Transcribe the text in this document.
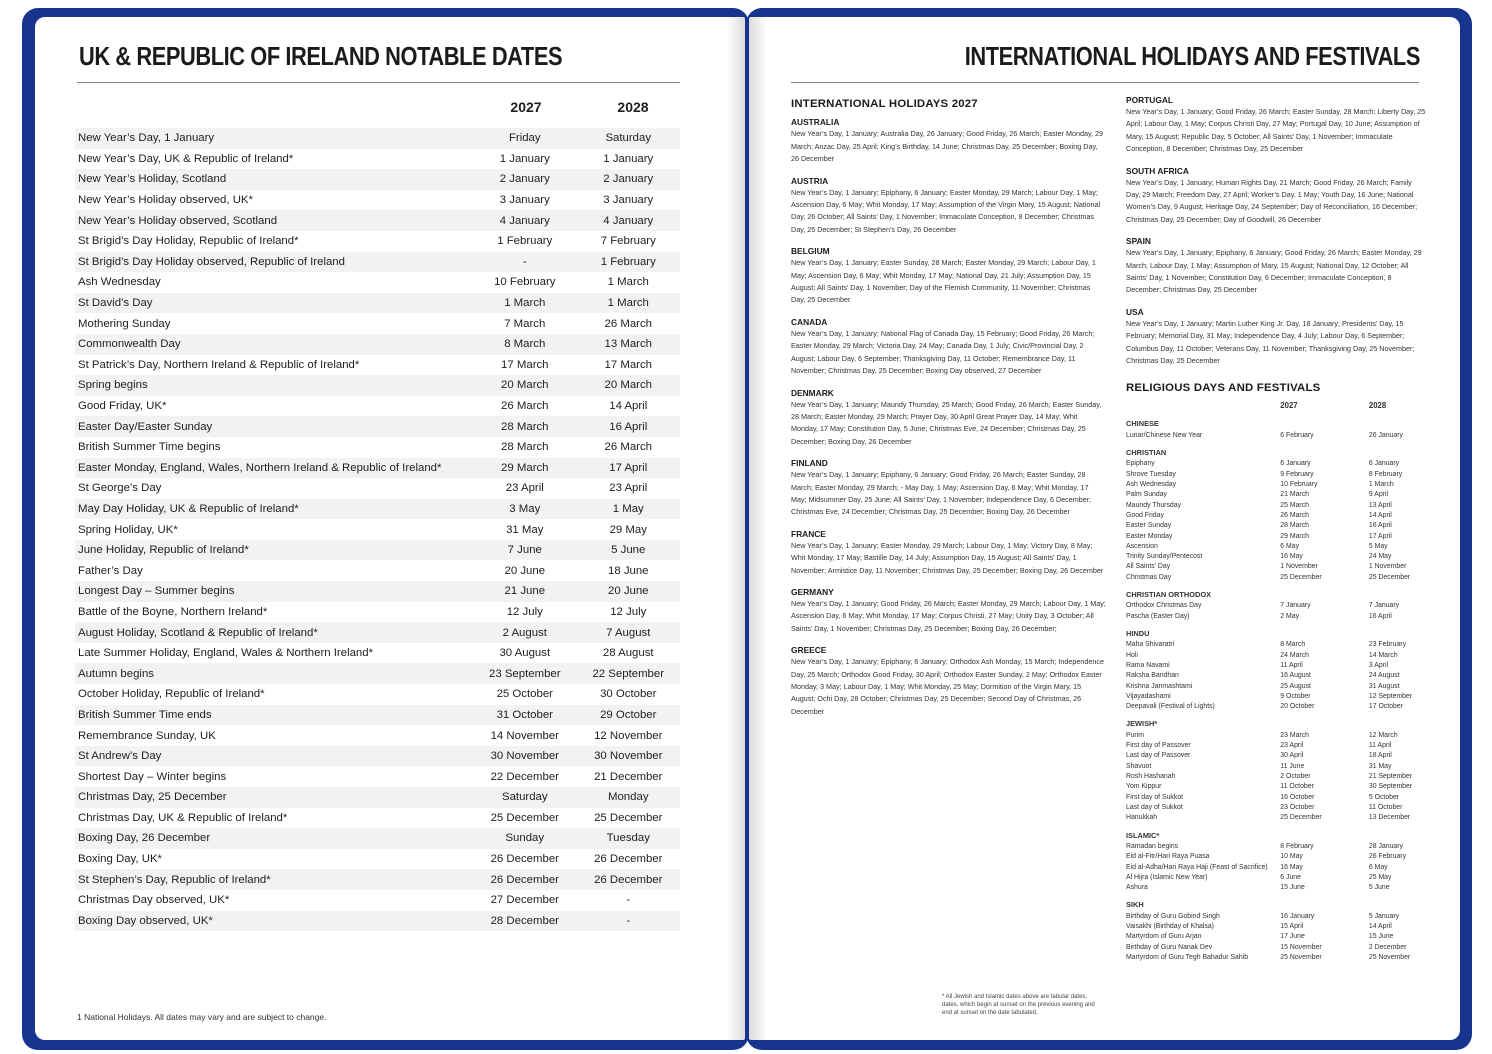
UK & REPUBLIC OF IRELAND NOTABLE DATES
2027	2028
New Year’s Day, 1 January	Friday	Saturday
New Year’s Day, UK & Republic of Ireland*	1 January	1 January
New Year’s Holiday, Scotland	2 January	2 January
New Year’s Holiday observed, UK*	3 January	3 January
New Year’s Holiday observed, Scotland	4 January	4 January
St Brigid’s Day Holiday, Republic of Ireland*	1 February	7 February
St Brigid’s Day Holiday observed, Republic of Ireland	-	1 February
Ash Wednesday	10 February	1 March
St David’s Day	1 March	1 March
Mothering Sunday	7 March	26 March
Commonwealth Day	8 March	13 March
St Patrick’s Day, Northern Ireland & Republic of Ireland*	17 March	17 March
Spring begins	20 March	20 March
Good Friday, UK*	26 March	14 April
Easter Day/Easter Sunday	28 March	16 April
British Summer Time begins	28 March	26 March
Easter Monday, England, Wales, Northern Ireland & Republic of Ireland*	29 March	17 April
St George’s Day	23 April	23 April
May Day Holiday, UK & Republic of Ireland*	3 May	1 May
Spring Holiday, UK*	31 May	29 May
June Holiday, Republic of Ireland*	7 June	5 June
Father’s Day	20 June	18 June
Longest Day – Summer begins	21 June	20 June
Battle of the Boyne, Northern Ireland*	12 July	12 July
August Holiday, Scotland & Republic of Ireland*	2 August	7 August
Late Summer Holiday, England, Wales & Northern Ireland*	30 August	28 August
Autumn begins	23 September	22 September
October Holiday, Republic of Ireland*	25 October	30 October
British Summer Time ends	31 October	29 October
Remembrance Sunday, UK	14 November	12 November
St Andrew’s Day	30 November	30 November
Shortest Day – Winter begins	22 December	21 December
Christmas Day, 25 December	Saturday	Monday
Christmas Day, UK & Republic of Ireland*	25 December	25 December
Boxing Day, 26 December	Sunday	Tuesday
Boxing Day, UK*	26 December	26 December
St Stephen’s Day, Republic of Ireland*	26 December	26 December
Christmas Day observed, UK*	27 December	-
Boxing Day observed, UK*	28 December	-
1 National Holidays. All dates may vary and are subject to change.
INTERNATIONAL HOLIDAYS AND FESTIVALS
INTERNATIONAL HOLIDAYS 2027
AUSTRALIA
New Year’s Day, 1 January; Australia Day, 26 January; Good Friday, 26 March; Easter Monday, 29 March; Anzac Day, 25 April; King’s Birthday, 14 June; Christmas Day, 25 December; Boxing Day, 26 December
AUSTRIA
New Year’s Day, 1 January; Epiphany, 6 January; Easter Monday, 29 March; Labour Day, 1 May; Ascension Day, 6 May; Whit Monday, 17 May; Assumption of the Virgin Mary, 15 August; National Day, 26 October; All Saints’ Day, 1 November; Immaculate Conception, 8 December; Christmas Day, 25 December; St Stephen’s Day, 26 December
BELGIUM
New Year’s Day, 1 January; Easter Sunday, 28 March; Easter Monday, 29 March; Labour Day, 1 May; Ascension Day, 6 May; Whit Monday, 17 May; National Day, 21 July; Assumption Day, 15 August; All Saints’ Day, 1 November; Day of the Flemish Community, 11 November; Christmas Day, 25 December
CANADA
New Year’s Day, 1 January; National Flag of Canada Day, 15 February; Good Friday, 26 March; Easter Monday, 29 March; Victoria Day, 24 May; Canada Day, 1 July; Civic/Provincial Day, 2 August; Labour Day, 6 September; Thanksgiving Day, 11 October; Remembrance Day, 11 November; Christmas Day, 25 December; Boxing Day observed, 27 December
DENMARK
New Year’s Day, 1 January; Maundy Thursday, 25 March; Good Friday, 26 March; Easter Sunday, 28 March; Easter Monday, 29 March; Prayer Day, 30 April Great Prayer Day, 14 May; Whit Monday, 17 May; Constitution Day, 5 June; Christmas Eve, 24 December; Christmas Day, 25 December; Boxing Day, 26 December
FINLAND
New Year’s Day, 1 January; Epiphany, 6 January; Good Friday, 26 March; Easter Sunday, 28 March; Easter Monday, 29 March; - May Day, 1 May; Ascension Day, 6 May; Whit Monday, 17 May; Midsummer Day, 25 June; All Saints’ Day, 1 November; Independence Day, 6 December; Christmas Eve, 24 December; Christmas Day, 25 December; Boxing Day, 26 December
FRANCE
New Year’s Day, 1 January; Easter Monday, 29 March; Labour Day, 1 May; Victory Day, 8 May; Whit Monday, 17 May; Bastille Day, 14 July; Assumption Day, 15 August; All Saints’ Day, 1 November; Armistice Day, 11 November; Christmas Day, 25 December; Boxing Day, 26 December
GERMANY
New Year’s Day, 1 January; Good Friday, 26 March; Easter Monday, 29 March; Labour Day, 1 May; Ascension Day, 6 May; Whit Monday, 17 May; Corpus Christi, 27 May; Unity Day, 3 October; All Saints’ Day, 1 November; Christmas Day, 25 December; Boxing Day, 26 December;
GREECE
New Year’s Day, 1 January; Epiphany, 6 January; Orthodox Ash Monday, 15 March; Independence Day, 25 March; Orthodox Good Friday, 30 April; Orthodox Easter Sunday, 2 May; Orthodox Easter Monday, 3 May; Labour Day, 1 May; Whit Monday, 25 May; Dormition of the Virgin Mary, 15 August; Ochi Day, 28 October; Christmas Day, 25 December; Second Day of Christmas, 26 December
PORTUGAL
New Year’s Day, 1 January; Good Friday, 26 March; Easter Sunday, 28 March; Liberty Day, 25 April; Labour Day, 1 May; Corpus Christi Day, 27 May; Portugal Day, 10 June; Assumption of Mary, 15 August; Republic Day, 5 October; All Saints’ Day, 1 November; Immaculate Conception, 8 December; Christmas Day, 25 December
SOUTH AFRICA
New Year’s Day, 1 January; Human Rights Day, 21 March; Good Friday, 26 March; Family Day, 29 March; Freedom Day, 27 April; Worker’s Day, 1 May; Youth Day, 16 June; National Women’s Day, 9 August; Heritage Day, 24 September; Day of Reconciliation, 16 December; Christmas Day, 25 December; Day of Goodwill, 26 December
SPAIN
New Year’s Day, 1 January; Epiphany, 6 January; Good Friday, 26 March; Easter Monday, 29 March; Labour Day, 1 May; Assumption of Mary, 15 August; National Day, 12 October; All Saints’ Day, 1 November; Constitution Day, 6 December; Immaculate Conception, 8 December; Christmas Day, 25 December
USA
New Year’s Day, 1 January; Martin Luther King Jr. Day, 18 January; Presidents’ Day, 15 February; Memorial Day, 31 May; Independence Day, 4 July; Labour Day, 6 September; Columbus Day, 11 October; Veterans Day, 11 November; Thanksgiving Day, 25 November; Christmas Day, 25 December
RELIGIOUS DAYS AND FESTIVALS
2027	2028
CHINESE
Lunar/Chinese New Year	6 February	26 January
CHRISTIAN
Epiphany	6 January	6 January
Shrove Tuesday	9 February	8 February
Ash Wednesday	10 February	1 March
Palm Sunday	21 March	9 April
Maundy Thursday	25 March	13 April
Good Friday	26 March	14 April
Easter Sunday	28 March	16 April
Easter Monday	29 March	17 April
Ascension	6 May	5 May
Trinity Sunday/Pentecost	16 May	24 May
All Saints’ Day	1 November	1 November
Christmas Day	25 December	25 December
CHRISTIAN ORTHODOX
Orthodox Christmas Day	7 January	7 January
Pascha (Easter Day)	2 May	16 April
HINDU
Maha Shivaratri	8 March	23 February
Holi	24 March	14 March
Rama Navami	11 April	3 April
Raksha Bandhan	16 August	24 August
Krishna Janmashtami	25 August	31 August
Vijayadashami	9 October	12 September
Deepavali (Festival of Lights)	20 October	17 October
JEWISH*
Purim	23 March	12 March
First day of Passover	23 April	11 April
Last day of Passover	30 April	18 April
Shavuot	11 June	31 May
Rosh Hashanah	2 October	21 September
Yom Kippur	11 October	30 September
First day of Sukkot	16 October	5 October
Last day of Sukkot	23 October	11 October
Hanukkah	25 December	13 December
ISLAMIC*
Ramadan begins	8 February	28 January
Eid al-Fitr/Hari Raya Puasa	10 May	26 February
Eid al-Adha/Hari Raya Haji (Feast of Sacrifice)	16 May	6 May
Al Hijra (Islamic New Year)	6 June	25 May
Ashura	15 June	5 June
SIKH
Birthday of Guru Gobind Singh	16 January	5 January
Vaisakhi (Birthday of Khalsa)	15 April	14 April
Martyrdom of Guru Arjan	17 June	15 June
Birthday of Guru Nanak Dev	15 November	2 December
Martyrdom of Guru Tegh Bahadur Sahib	25 November	25 November
* All Jewish and Islamic dates above are tabular dates, dates, which begin at sunset on the previous evening and end at sunset on the date tabulated.
